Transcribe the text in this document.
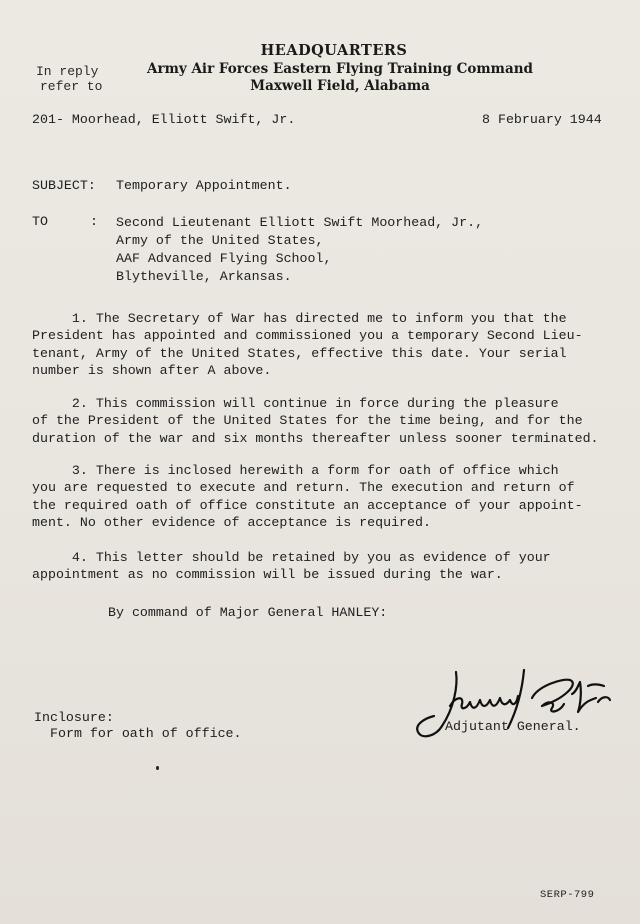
HEADQUARTERS
Army Air Forces Eastern Flying Training Command
Maxwell Field, Alabama
In reply
refer to
201- Moorhead, Elliott Swift, Jr.	8 February 1944
SUBJECT: Temporary Appointment.
TO	: Second Lieutenant Elliott Swift Moorhead, Jr.,
Army of the United States,
AAF Advanced Flying School,
Blytheville, Arkansas.
1. The Secretary of War has directed me to inform you that the
President has appointed and commissioned you a temporary Second Lieu-
tenant, Army of the United States, effective this date. Your serial
number is shown after A above.
2. This commission will continue in force during the pleasure
of the President of the United States for the time being, and for the
duration of the war and six months thereafter unless sooner terminated.
3. There is inclosed herewith a form for oath of office which
you are requested to execute and return. The execution and return of
the required oath of office constitute an acceptance of your appoint-
ment. No other evidence of acceptance is required.
4. This letter should be retained by you as evidence of your
appointment as no commission will be issued during the war.
By command of Major General HANLEY:
Inclosure:
Form for oath of office.	Adjutant General.
SERP-799
